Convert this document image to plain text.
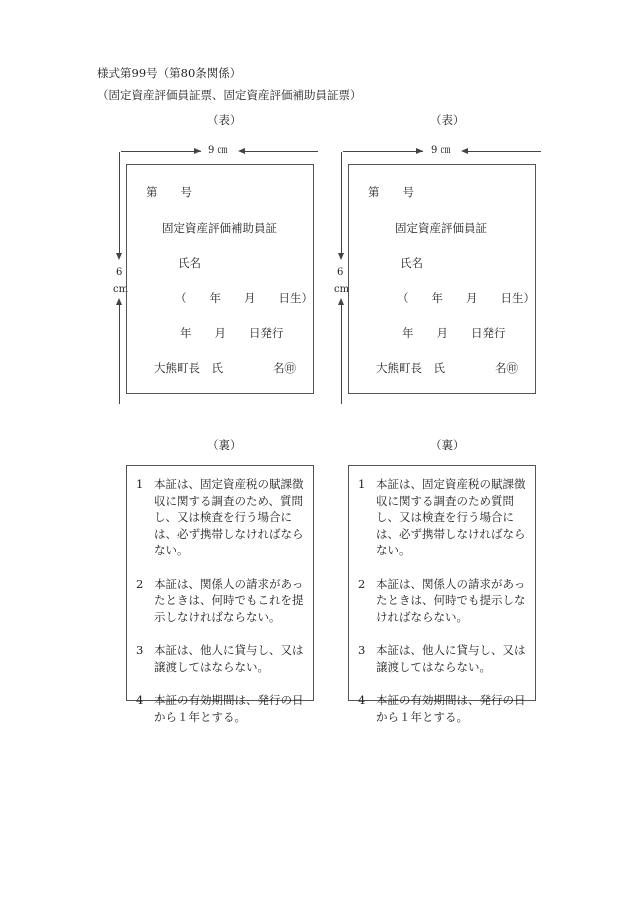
様式第99号（第80条関係）
（固定資産評価員証票、固定資産評価補助員証票）
（表）
9 ㎝
6
cm
第　　号
固定資産評価補助員証
氏名
（　　年　　月　　日生）
年　　月　　日発行
大熊町長　氏	名㊞
（表）
9 ㎝
6
cm
第　　号
固定資産評価員証
氏名
（　　年　　月　　日生）
年　　月　　日発行
大熊町長　氏	名㊞
（裏）	（裏）
1 本証は、固定資産税の賦課徴収に関する調査のため、質問し、又は検査を行う場合には、必ず携帯しなければならない。
2 本証は、関係人の請求があったときは、何時でもこれを提示しなければならない。
3 本証は、他人に貸与し、又は譲渡してはならない。
4 本証の有効期間は、発行の日から１年とする。
1 本証は、固定資産税の賦課徴収に関する調査のため質問し、又は検査を行う場合には、必ず携帯しなければならない。
2 本証は、関係人の請求があったときは、何時でも提示しなければならない。
3 本証は、他人に貸与し、又は譲渡してはならない。
4 本証の有効期間は、発行の日から１年とする。
